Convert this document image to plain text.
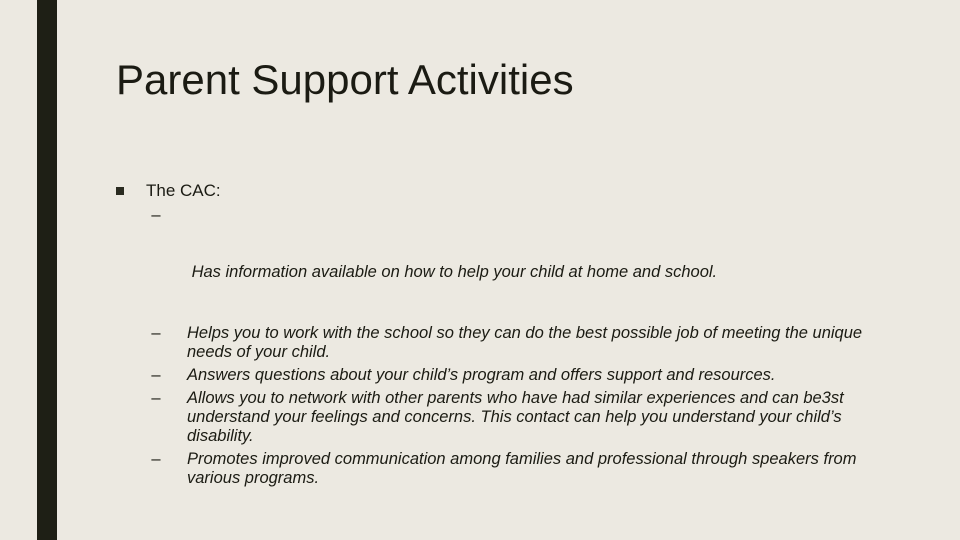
Parent Support Activities
The CAC:

–

Has information available on how to help your child at home and school.

– Helps you to work with the school so they can do the best possible job of meeting the unique needs of your child.
– Answers questions about your child’s program and offers support and resources.
– Allows you to network with other parents who have had similar experiences and can be3st understand your feelings and concerns. This contact can help you understand your child’s disability.
– Promotes improved communication among families and professional through speakers from various programs.
